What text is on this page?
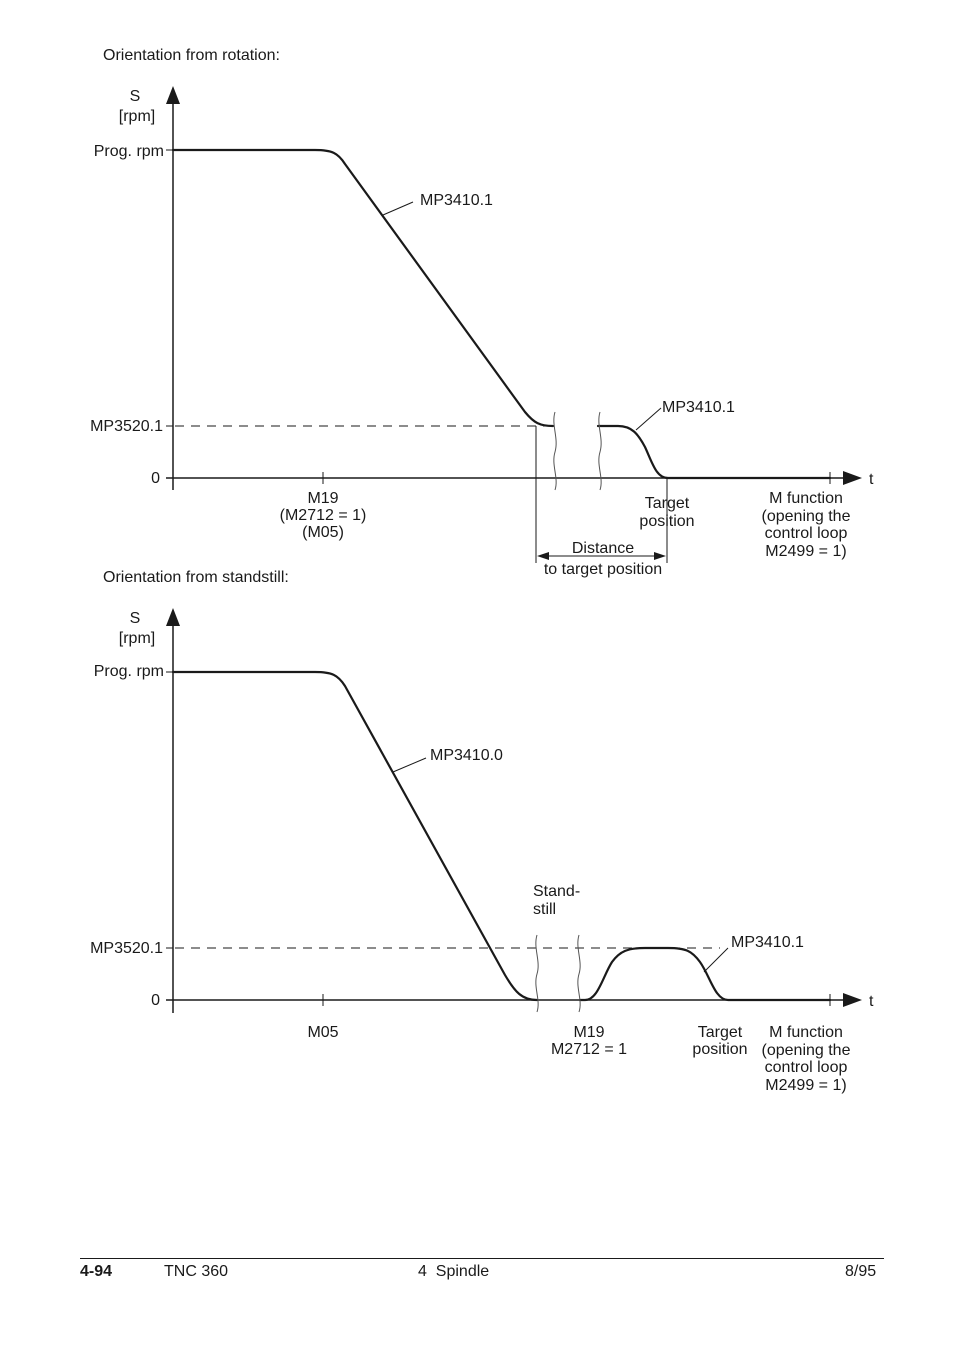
Orientation from rotation:
S
[rpm]
Prog. rpm
MP3520.1
0	t
MP3410.1
MP3410.1
M19
(M2712 = 1)
(M05)
Target
position
M function
(opening the
control loop
M2499 = 1)
Distance
to target position
Orientation from standstill:
S
[rpm]
Prog. rpm
MP3520.1
0	t
MP3410.0
MP3410.1
Stand-
still
M05	M19
M2712 = 1
Target
position
M function
(opening the
control loop
M2499 = 1)
4-94	TNC 360	4  Spindle	8/95
